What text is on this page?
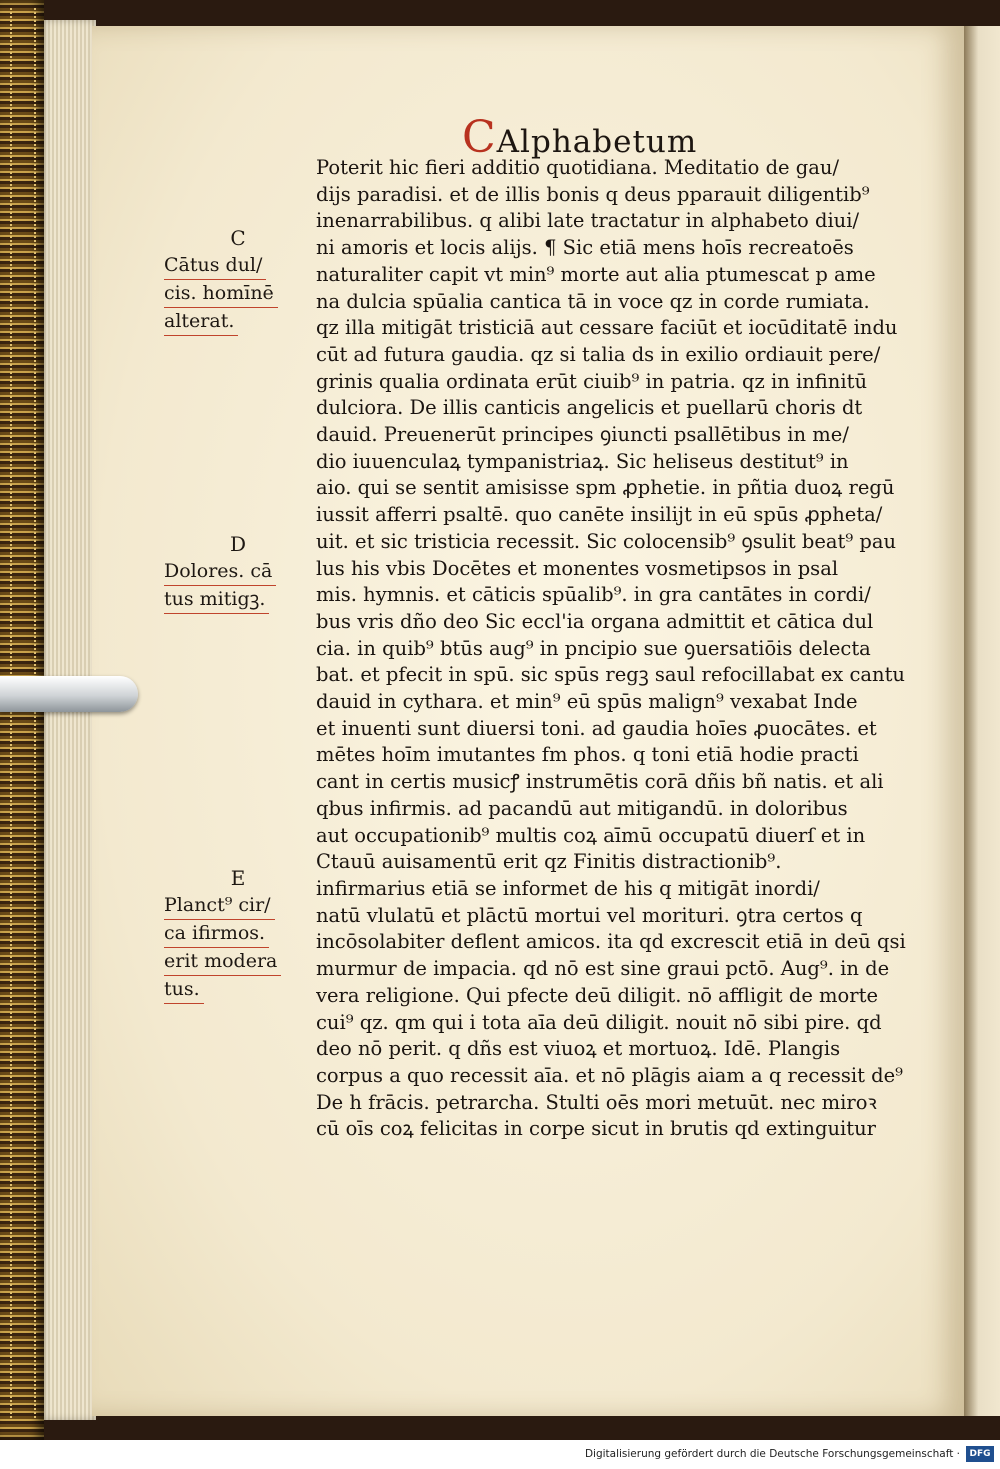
CAlphabetum
Poterit hic fieri additio quotidiana. Meditatio de gau/
dijs paradisi. et de illis bonis q deus pparauit diligentib⁹
inenarrabilibus. q alibi late tractatur in alphabeto diui/
ni amoris et locis alijs. ¶ Sic etiā mens hoīs recreatoēs
naturaliter capit vt min⁹ morte aut alia ptumescat p ame
na dulcia spūalia cantica tā in voce qz in corde rumiata.
qz illa mitigāt tristiciā aut cessare faciūt et iocūditatē indu
cūt ad futura gaudia. qz si talia ds in exilio ordiauit pere/
grinis qualia ordinata erūt ciuib⁹ in patria. qz in infinitū
dulciora. De illis canticis angelicis et puellarū choris dt
dauid. Preuenerūt principes ꝯiuncti psallētibus in me/
dio iuuenculaꝝ tympanistriaꝝ. Sic heliseus destitut⁹ in
aio. qui se sentit amisisse spm ꝓphetie. in pñtia duoꝝ regū
iussit afferri psaltē. quo canēte insilijt in eū spūs ꝓpheta/
uit. et sic tristicia recessit. Sic colocensib⁹ ꝯsulit beat⁹ pau
lus his vbis Docētes et monentes vosmetipsos in psal
mis. hymnis. et cāticis spūalib⁹. in gra cantātes in cordi/
bus vris dño deo Sic eccl'ia organa admittit et cātica dul
cia. in quib⁹ btūs aug⁹ in pncipio sue ꝯuersatiōis delecta
bat. et pfecit in spū. sic spūs regꝫ saul refocillabat ex cantu
dauid in cythara. et min⁹ eū spūs malign⁹ vexabat Inde
et inuenti sunt diuersi toni. ad gaudia hoīes ꝓuocātes. et
mētes hoīm imutantes fm phos. q toni etiā hodie practi
cant in certis musicꝭ instrumētis corā dñis bñ natis. et ali
qbus infirmis. ad pacandū aut mitigandū. in doloribus
aut occupationib⁹ multis coꝝ aīmū occupatū diuerſ et in
Ctauū auisamentū erit qz Finitis distractionib⁹.
infirmarius etiā se informet de his q mitigāt inordi/
natū vlulatū et plāctū mortui vel morituri. ꝯtra certos q
incōsolabiter deflent amicos. ita qd excrescit etiā in deū qsi
murmur de impacia. qd nō est sine graui pctō. Aug⁹. in de
vera religione. Qui pfecte deū diligit. nō affligit de morte
cui⁹ qz. qm qui i tota aīa deū diligit. nouit nō sibi pire. qd
deo nō perit. q dñs est viuoꝝ et mortuoꝝ. Idē. Plangis
corpus a quo recessit aīa. et nō plāgis aiam a q recessit de⁹
De h frācis. petrarcha. Stulti oēs mori metuūt. nec miroꝛ
cū oīs coꝝ felicitas in corpe sicut in brutis qd extinguitur
C
Cātus dul/
cis. homīnē
alterat.
D
Dolores. cā
tus mitigꝫ.
E
Planct⁹ cir/
ca ifirmos.
erit modera
tus.
Digitalisierung gefördert durch die Deutsche Forschungsgemeinschaft ·	DFG
